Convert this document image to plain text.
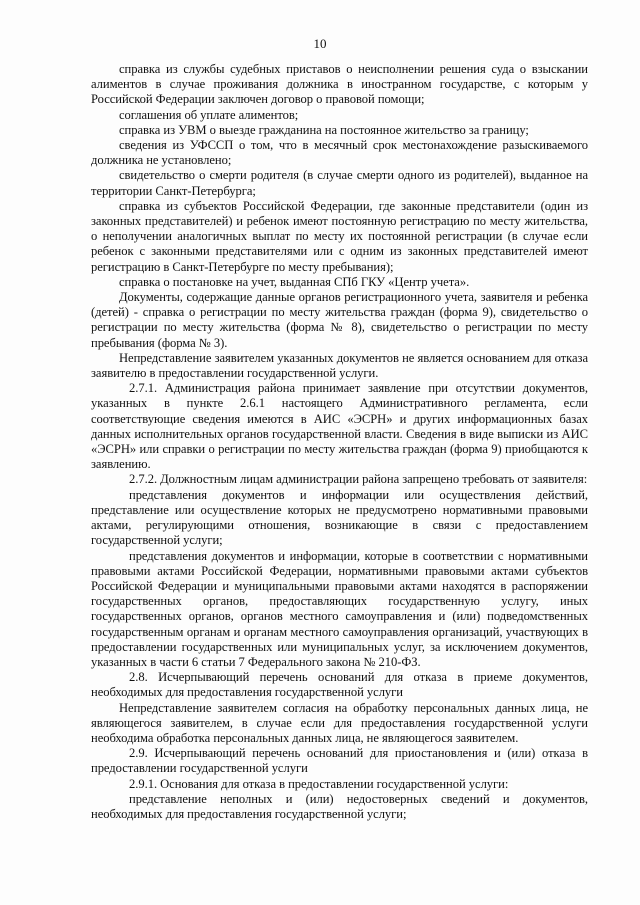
10

справка из службы судебных приставов о неисполнении решения суда о взыскании алиментов в случае проживания должника в иностранном государстве, с которым у Российской Федерации заключен договор о правовой помощи;

соглашения об уплате алиментов;

справка из УВМ о выезде гражданина на постоянное жительство за границу;

сведения из УФССП о том, что в месячный срок местонахождение разыскиваемого должника не установлено;

свидетельство о смерти родителя (в случае смерти одного из родителей), выданное на территории Санкт-Петербурга;

справка из субъектов Российской Федерации, где законные представители (один из законных представителей) и ребенок имеют постоянную регистрацию по месту жительства, о неполучении аналогичных выплат по месту их постоянной регистрации (в случае если ребенок с законными представителями или с одним из законных представителей имеют регистрацию в Санкт-Петербурге по месту пребывания);

справка о постановке на учет, выданная СПб ГКУ «Центр учета».

Документы, содержащие данные органов регистрационного учета, заявителя и ребенка (детей) - справка о регистрации по месту жительства граждан (форма 9), свидетельство о регистрации по месту жительства (форма № 8), свидетельство о регистрации по месту пребывания (форма № 3).

Непредставление заявителем указанных документов не является основанием для отказа заявителю в предоставлении государственной услуги.

2.7.1. Администрация района принимает заявление при отсутствии документов, указанных в пункте 2.6.1 настоящего Административного регламента, если соответствующие сведения имеются в АИС «ЭСРН» и других информационных базах данных исполнительных органов государственной власти. Сведения в виде выписки из АИС «ЭСРН» или справки о регистрации по месту жительства граждан (форма 9) приобщаются к заявлению.

2.7.2. Должностным лицам администрации района запрещено требовать от заявителя:

представления документов и информации или осуществления действий, представление или осуществление которых не предусмотрено нормативными правовыми актами, регулирующими отношения, возникающие в связи с предоставлением государственной услуги;

представления документов и информации, которые в соответствии с нормативными правовыми актами Российской Федерации, нормативными правовыми актами субъектов Российской Федерации и муниципальными правовыми актами находятся в распоряжении государственных органов, предоставляющих государственную услугу, иных государственных органов, органов местного самоуправления и (или) подведомственных государственным органам и органам местного самоуправления организаций, участвующих в предоставлении государственных или муниципальных услуг, за исключением документов, указанных в части 6 статьи 7 Федерального закона № 210-ФЗ.

2.8. Исчерпывающий перечень оснований для отказа в приеме документов, необходимых для предоставления государственной услуги

Непредставление заявителем согласия на обработку персональных данных лица, не являющегося заявителем, в случае если для предоставления государственной услуги необходима обработка персональных данных лица, не являющегося заявителем.

2.9. Исчерпывающий перечень оснований для приостановления и (или) отказа в предоставлении государственной услуги

2.9.1. Основания для отказа в предоставлении государственной услуги:

представление неполных и (или) недостоверных сведений и документов, необходимых для предоставления государственной услуги;
